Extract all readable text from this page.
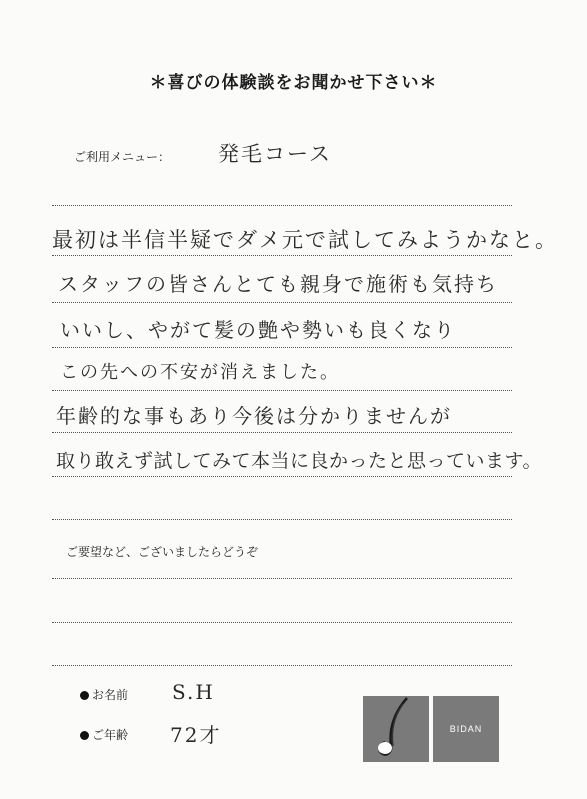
＊喜びの体験談をお聞かせ下さい＊
ご利用メニュー： 発毛コース
最初は半信半疑でダメ元で試してみようかなと。
スタッフの皆さんとても親身で施術も気持ち
いいし、やがて髪の艶や勢いも良くなり
この先への不安が消えました。
年齢的な事もあり今後は分かりませんが
取り敢えず試してみて本当に良かったと思っています。
ご要望など、ございましたらどうぞ
お名前 S.H
ご年齢 72才	BIDAN
